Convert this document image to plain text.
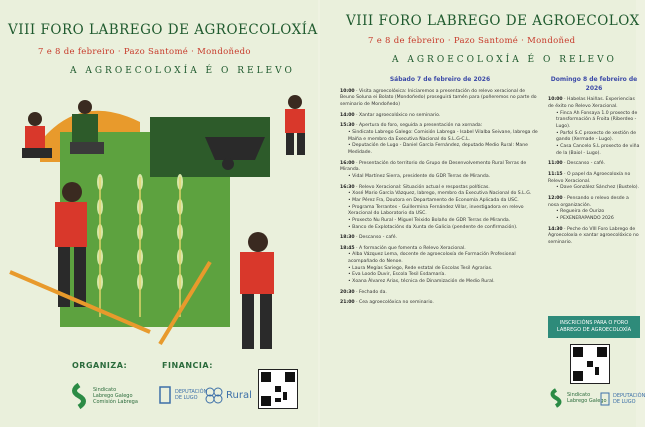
VIII FORO LABREGO DE AGROECOLOXÍA
7 e 8 de febreiro · Pazo Santomé · Mondoñedo
A AGROECOLOXÍA É O RELEVO
ORGANIZA:	FINANCIA:
Sindicato
Labrego Galego
Comisión Labrega
DEPUTACIÓN DE LUGO	Rural
VIII FORO LABREGO DE AGROECOLOX
7 e 8 de febreiro · Pazo Santomé · Mondoñed
A AGROECOLOXÍA É O RELEVO
Sábado 7 de febreiro de 2026
10:00 · Visita agroecolóxica: Iniciaremos a presentación do relevo xeracional de Beuno Soluna ei Bolato (Mondoñedo) proseguirá tamén para (poñeremos no parte do seminario de Mondoñedo)
14:00 · Xantar agroecolóxico no seminario.
15:30 · Apertura do foro, seguida a presentación na xornada:
• Sindicato Labrego Galego: Comisión Labrega - Isabel Vilalba Seivane, labrega de Maíña e membro da Executiva Nacional do S.L.G-C.L.
• Deputación de Lugo - Daniel García Fernández, deputado Medio Rural: Mane Medidade.
16:00 · Presentación do territorio do Grupo de Desenvolvemento Rural Terras de Miranda.
• Vidal Martínez Sierra, presidente do GDR Terras de Miranda.
16:30 · Relevo Xeracional: Situación actual e respostas políticas.
• Xosé Mario García Vázquez, labrego, membro da Executiva Nacional do S.L.G.
• Mar Pérez Fra, Doutora en Departamento de Economía Aplicada da USC.
• Programa Terrantes - Guillermina Fernández Villar, investigadora en relevo Xeracional do Laboratorio da USC.
• Proxecto Nu Rural - Miguel Teixido Bolaño de GDR Terras de Miranda.
• Banco de Explotacións da Xunta de Galicia (pendente de confirmación).
18:30 · Descanso - café.
18:45 · A formación que fomenta o Relevo Xeracional.
• Alba Vázquez Lema, docente de agroecoloxía de Formación Profesional acompañado do Nenoe.
• Laura Megías Sariego, Rede estatal de Escolas Tesil Agrarias.
• Eva Loodo Duvir, Escola Tesil Esdamaría.
• Xoana Álvarez Arias, técnica de Dinamización de Medio Rural.
20:30 · Fechado da.
21:00 · Cea agroecolóxica no seminario.
Domingo 8 de febreiro de 2026
10:00 · Habelas Haiñas. Experiencias de éxito no Relevo Xeracional.
• Finca Ah Fonsaya 1.0 proxecto de transformación á Froita (Riberdeo - Lugo).
• Parfol S.C proxecto de xestión de gando (Xermade - Lugo).
• Casa Cancelo S.L proxecto de viña de la (Baiol - Lugo).
11:00 · Descanso - café.
11:15 · O papel da Agroecoloxía no Relevo Xeracional.
• Dave González Sánchez (Bustelo).
12:00 · Pensando o relevo desde a nosa organización.
• Regueira de Ourizo
• PEXENERAPANDO 2026
14:30 · Peche do VIII Foro Labrego de Agroecoloxía e xantar agroecolóxico no seminario.
INSCRICIÓNS PARA O FORO
LABREGO DE AGROECOLOXÍA
Sindicato
Labrego Galego
DEPUTACIÓN DE LUGO
